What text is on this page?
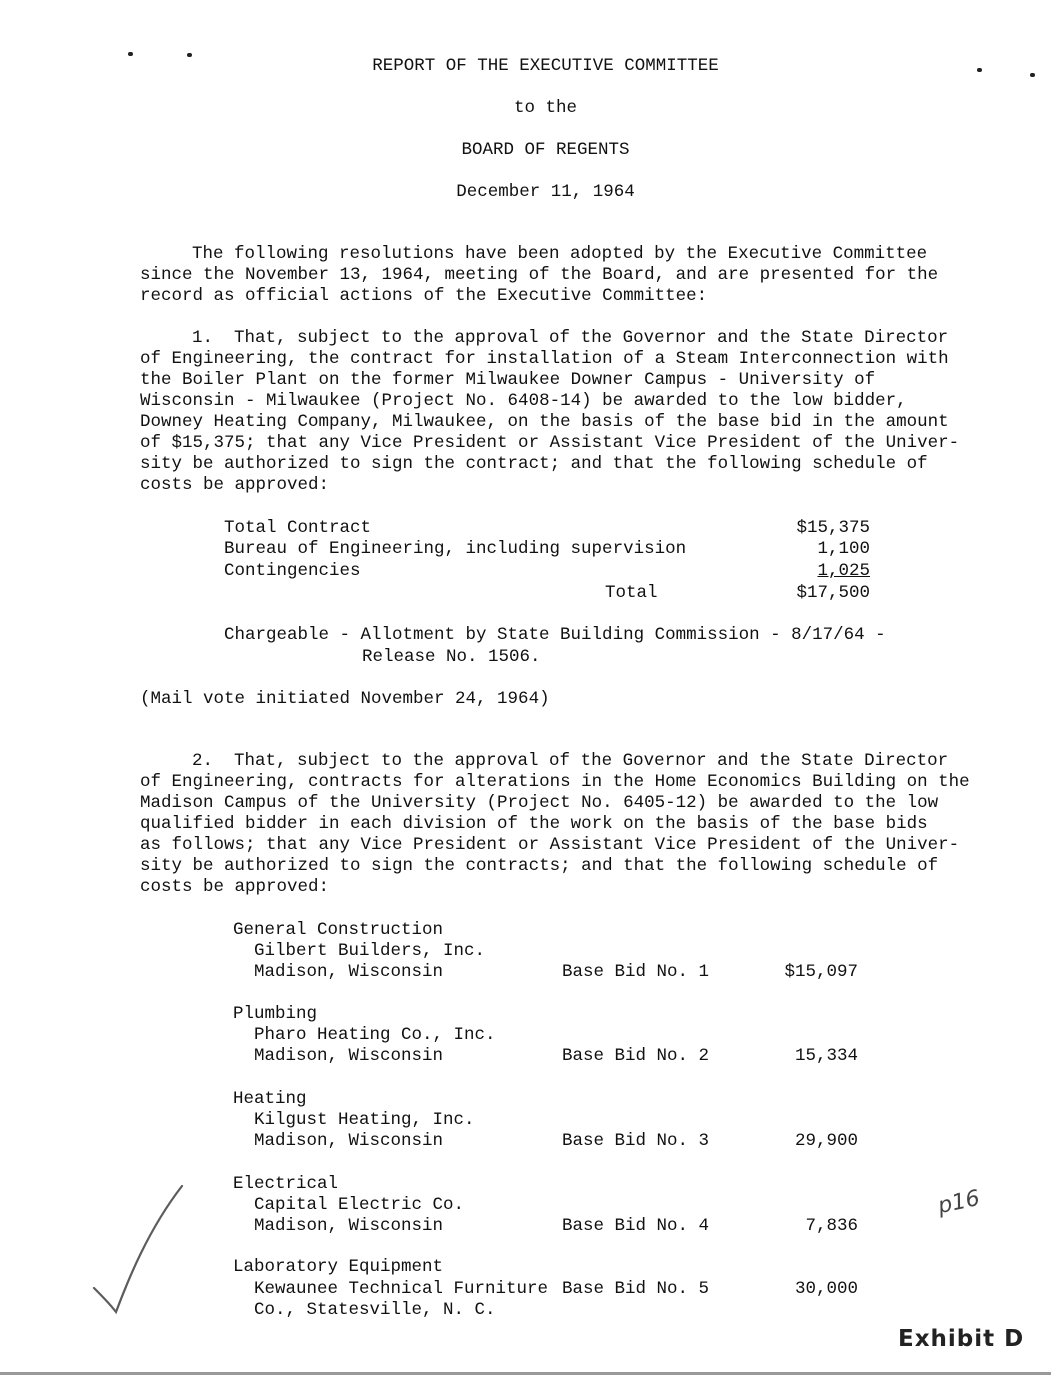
REPORT OF THE EXECUTIVE COMMITTEE
to the
BOARD OF REGENTS
December 11, 1964
The following resolutions have been adopted by the Executive Committee
since the November 13, 1964, meeting of the Board, and are presented for the
record as official actions of the Executive Committee:
1.  That, subject to the approval of the Governor and the State Director
of Engineering, the contract for installation of a Steam Interconnection with
the Boiler Plant on the former Milwaukee Downer Campus - University of
Wisconsin - Milwaukee (Project No. 6408-14) be awarded to the low bidder,
Downey Heating Company, Milwaukee, on the basis of the base bid in the amount
of $15,375; that any Vice President or Assistant Vice President of the Univer-
sity be authorized to sign the contract; and that the following schedule of
costs be approved:
Total Contract	$15,375
Bureau of Engineering, including supervision	1,100
Contingencies	1,025
Total	$17,500
Chargeable - Allotment by State Building Commission - 8/17/64 -
Release No. 1506.
(Mail vote initiated November 24, 1964)
2.  That, subject to the approval of the Governor and the State Director
of Engineering, contracts for alterations in the Home Economics Building on the
Madison Campus of the University (Project No. 6405-12) be awarded to the low
qualified bidder in each division of the work on the basis of the base bids
as follows; that any Vice President or Assistant Vice President of the Univer-
sity be authorized to sign the contracts; and that the following schedule of
costs be approved:
General Construction
Gilbert Builders, Inc.
Madison, Wisconsin	Base Bid No. 1	$15,097
Plumbing
Pharo Heating Co., Inc.
Madison, Wisconsin	Base Bid No. 2	15,334
Heating
Kilgust Heating, Inc.
Madison, Wisconsin	Base Bid No. 3	29,900
Electrical
Capital Electric Co.
Madison, Wisconsin	Base Bid No. 4	7,836
Laboratory Equipment
Kewaunee Technical Furniture
Co., Statesville, N. C.
Base Bid No. 5	30,000
p16
Exhibit D
